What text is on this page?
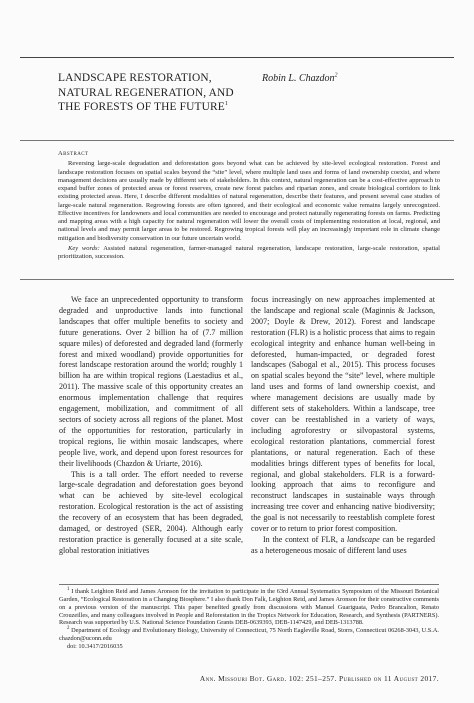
LANDSCAPE RESTORATION,
NATURAL REGENERATION, AND
THE FORESTS OF THE FUTURE$^1$
Robin L. Chazdon$^2$
Abstract

Reversing large-scale degradation and deforestation goes beyond what can be achieved by site-level ecological restoration. Forest and landscape restoration focuses on spatial scales beyond the “site” level, where multiple land uses and forms of land ownership coexist, and where management decisions are usually made by different sets of stakeholders. In this context, natural regeneration can be a cost-effective approach to expand buffer zones of protected areas or forest reserves, create new forest patches and riparian zones, and create biological corridors to link existing protected areas. Here, I describe different modalities of natural regeneration, describe their features, and present several case studies of large-scale natural regeneration. Regrowing forests are often ignored, and their ecological and economic value remains largely unrecognized. Effective incentives for landowners and local communities are needed to encourage and protect naturally regenerating forests on farms. Predicting and mapping areas with a high capacity for natural regeneration will lower the overall costs of implementing restoration at local, regional, and national levels and may permit larger areas to be restored. Regrowing tropical forests will play an increasingly important role in climate change mitigation and biodiversity conservation in our future uncertain world.

Key words: Assisted natural regeneration, farmer-managed natural regeneration, landscape restoration, large-scale restoration, spatial prioritization, succession.

We face an unprecedented opportunity to transform degraded and unproductive lands into functional landscapes that offer multiple benefits to society and future generations. Over 2 billion ha of (7.7 million square miles) of deforested and degraded land (formerly forest and mixed woodland) provide opportunities for forest landscape restoration around the world; roughly 1 billion ha are within tropical regions (Laestadius et al., 2011). The massive scale of this opportunity creates an enormous implementation challenge that requires engagement, mobilization, and commitment of all sectors of society across all regions of the planet. Most of the opportunities for restoration, particularly in tropical regions, lie within mosaic landscapes, where people live, work, and depend upon forest resources for their livelihoods (Chazdon & Uriarte, 2016).

This is a tall order. The effort needed to reverse large-scale degradation and deforestation goes beyond what can be achieved by site-level ecological restoration. Ecological restoration is the act of assisting the recovery of an ecosystem that has been degraded, damaged, or destroyed (SER, 2004). Although early restoration practice is generally focused at a site scale, global restoration initiatives

focus increasingly on new approaches implemented at the landscape and regional scale (Maginnis & Jackson, 2007; Doyle & Drew, 2012). Forest and landscape restoration (FLR) is a holistic process that aims to regain ecological integrity and enhance human well-being in deforested, human-impacted, or degraded forest landscapes (Sabogal et al., 2015). This process focuses on spatial scales beyond the “site” level, where multiple land uses and forms of land ownership coexist, and where management decisions are usually made by different sets of stakeholders. Within a landscape, tree cover can be reestablished in a variety of ways, including agroforestry or silvopastoral systems, ecological restoration plantations, commercial forest plantations, or natural regeneration. Each of these modalities brings different types of benefits for local, regional, and global stakeholders. FLR is a forward-looking approach that aims to reconfigure and reconstruct landscapes in sustainable ways through increasing tree cover and enhancing native biodiversity; the goal is not necessarily to reestablish complete forest cover or to return to prior forest composition.

In the context of FLR, a landscape can be regarded as a heterogeneous mosaic of different land uses

$^1$ I thank Leighton Reid and James Aronson for the invitation to participate in the 63rd Annual Systematics Symposium of the Missouri Botanical Garden, “Ecological Restoration in a Changing Biosphere.” I also thank Don Falk, Leighton Reid, and James Aronson for their constructive comments on a previous version of the manuscript. This paper benefited greatly from discussions with Manuel Guariguata, Pedro Brancalion, Renato Crouzeilles, and many colleagues involved in People and Reforestation in the Tropics Network for Education, Research, and Synthesis (PARTNERS). Research was supported by U.S. National Science Foundation Grants DEB-0639393, DEB-1147429, and DEB-1313788.

$^2$ Department of Ecology and Evolutionary Biology, University of Connecticut, 75 North Eagleville Road, Storrs, Connecticut 06268-3043, U.S.A. chazdon@uconn.edu

doi: 10.3417/2016035

Ann. Missouri Bot. Gard. 102: 251–257. Published on 11 August 2017.
